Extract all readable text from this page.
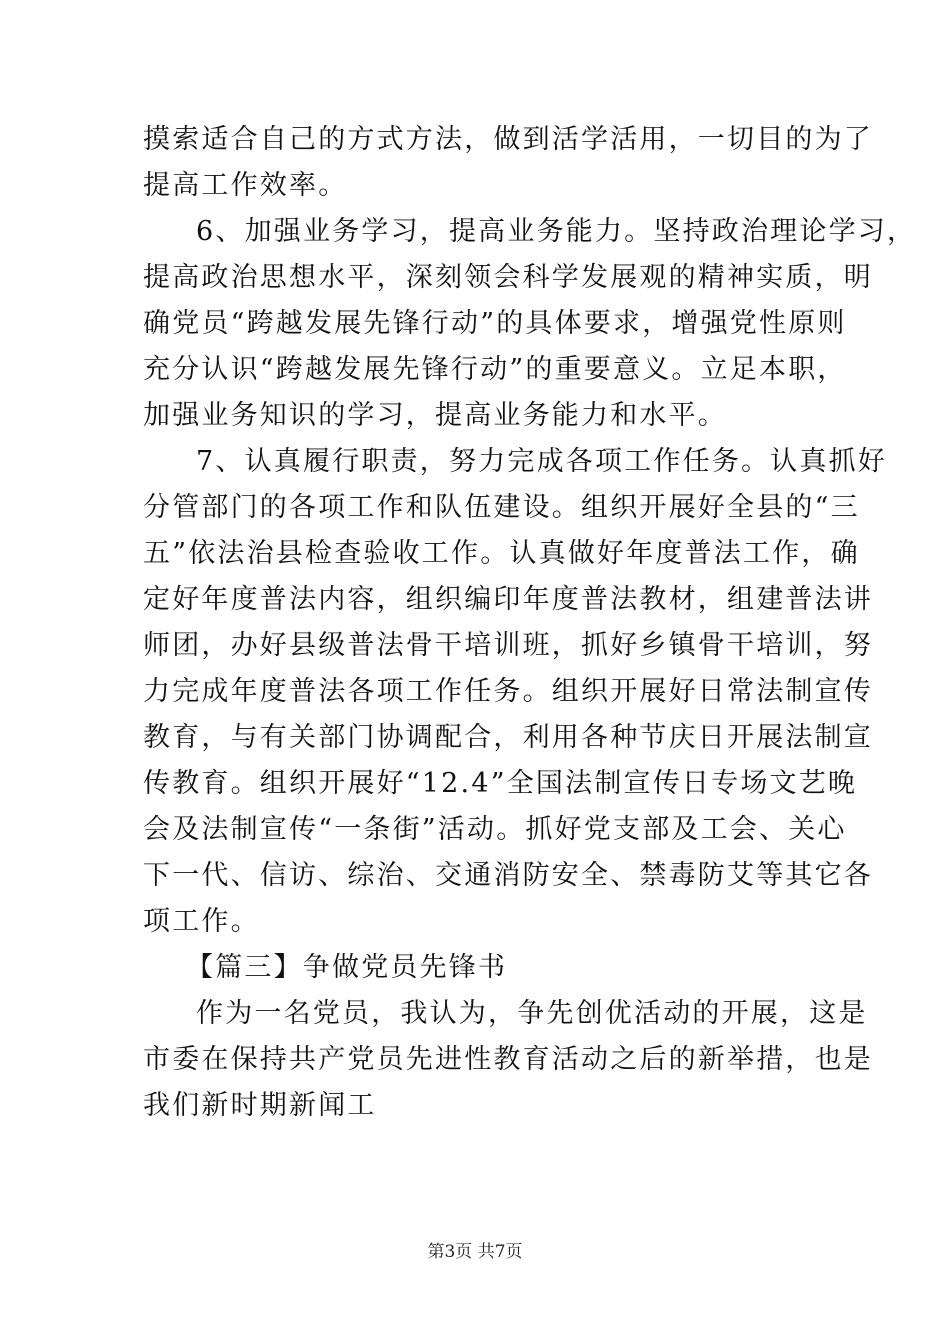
摸索适合自己的方式方法，做到活学活用，一切目的为了
提高工作效率。
6、加强业务学习，提高业务能力。坚持政治理论学习，
提高政治思想水平，深刻领会科学发展观的精神实质，明
确党员“跨越发展先锋行动”的具体要求，增强党性原则
充分认识“跨越发展先锋行动”的重要意义。立足本职，
加强业务知识的学习，提高业务能力和水平。
7、认真履行职责，努力完成各项工作任务。认真抓好
分管部门的各项工作和队伍建设。组织开展好全县的“三
五”依法治县检查验收工作。认真做好年度普法工作，确
定好年度普法内容，组织编印年度普法教材，组建普法讲
师团，办好县级普法骨干培训班，抓好乡镇骨干培训，努
力完成年度普法各项工作任务。组织开展好日常法制宣传
教育，与有关部门协调配合，利用各种节庆日开展法制宣
传教育。组织开展好“12.4”全国法制宣传日专场文艺晚
会及法制宣传“一条街”活动。抓好党支部及工会、关心
下一代、信访、综治、交通消防安全、禁毒防艾等其它各
项工作。
【篇三】争做党员先锋书
作为一名党员，我认为，争先创优活动的开展，这是
市委在保持共产党员先进性教育活动之后的新举措，也是
我们新时期新闻工
第3页 共7页
